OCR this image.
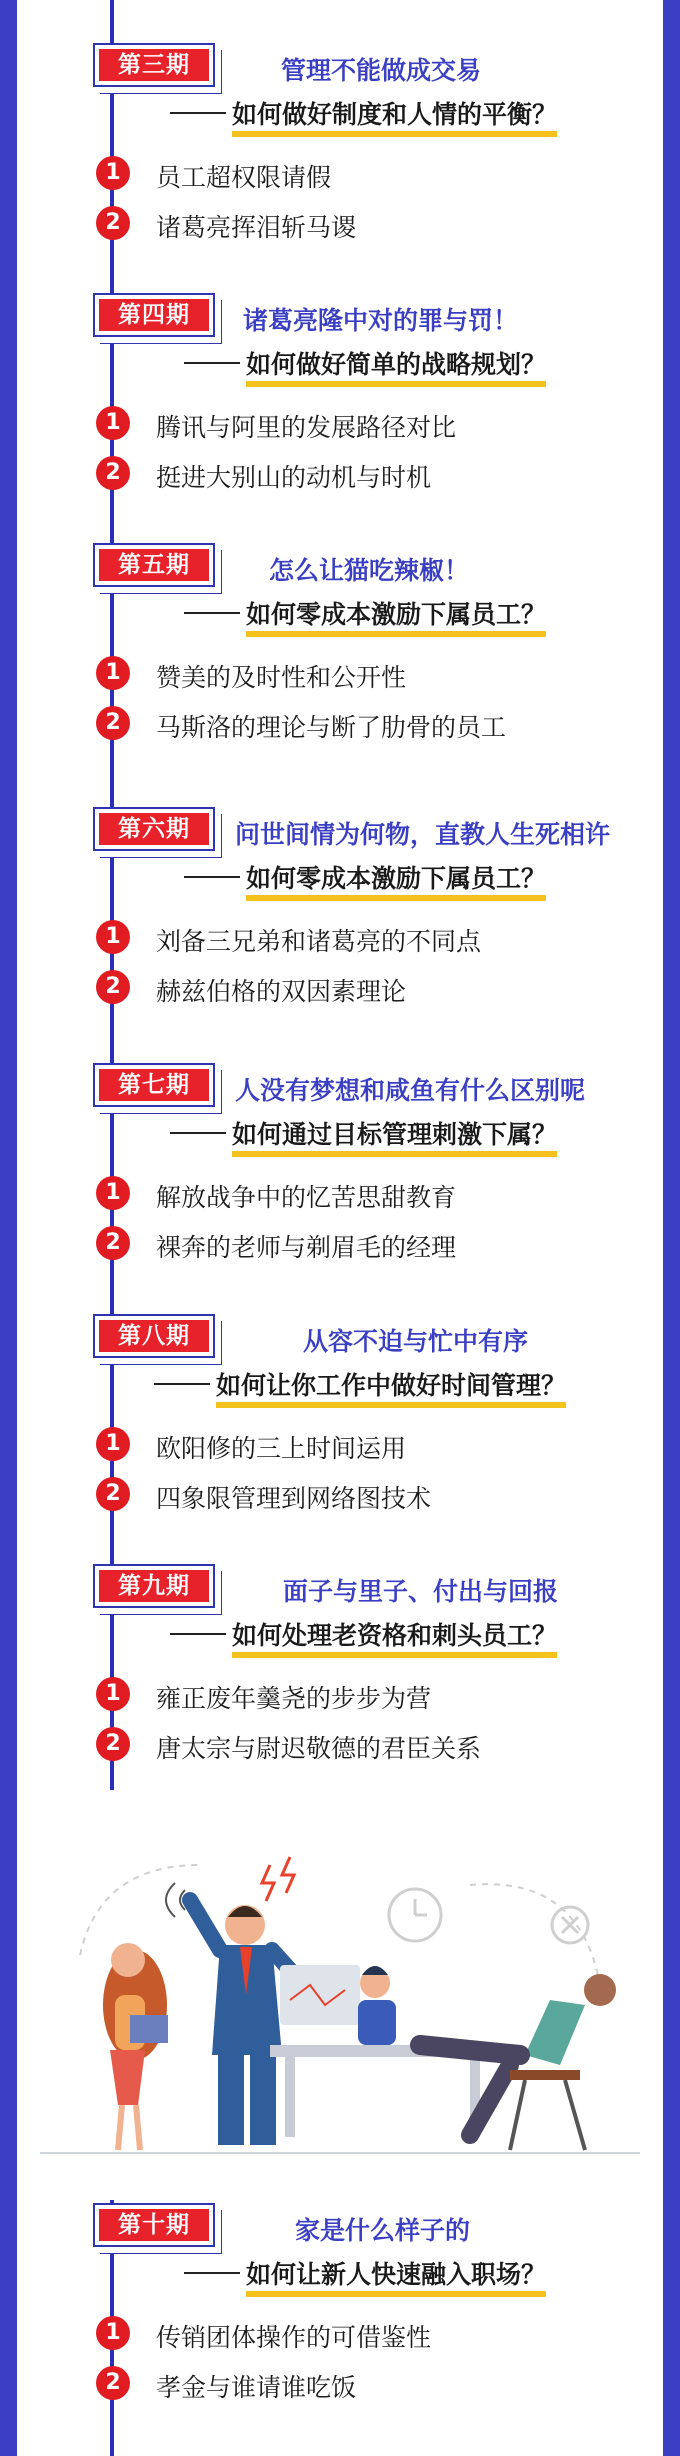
第三期	管理不能做成交易
如何做好制度和人情的平衡？
1	员工超权限请假
2	诸葛亮挥泪斩马谡
第四期	诸葛亮隆中对的罪与罚！
如何做好简单的战略规划？
1	腾讯与阿里的发展路径对比
2	挺进大别山的动机与时机
第五期	怎么让猫吃辣椒！
如何零成本激励下属员工？
1	赞美的及时性和公开性
2	马斯洛的理论与断了肋骨的员工
第六期	问世间情为何物，直教人生死相许
如何零成本激励下属员工？
1	刘备三兄弟和诸葛亮的不同点
2	赫兹伯格的双因素理论
第七期	人没有梦想和咸鱼有什么区别呢
如何通过目标管理刺激下属？
1	解放战争中的忆苦思甜教育
2	裸奔的老师与剃眉毛的经理
第八期	从容不迫与忙中有序
如何让你工作中做好时间管理？
1	欧阳修的三上时间运用
2	四象限管理到网络图技术
第九期	面子与里子、付出与回报
如何处理老资格和刺头员工？
1	雍正废年羹尧的步步为营
2	唐太宗与尉迟敬德的君臣关系
第十期	家是什么样子的
如何让新人快速融入职场？
1	传销团体操作的可借鉴性
2	孝金与谁请谁吃饭
